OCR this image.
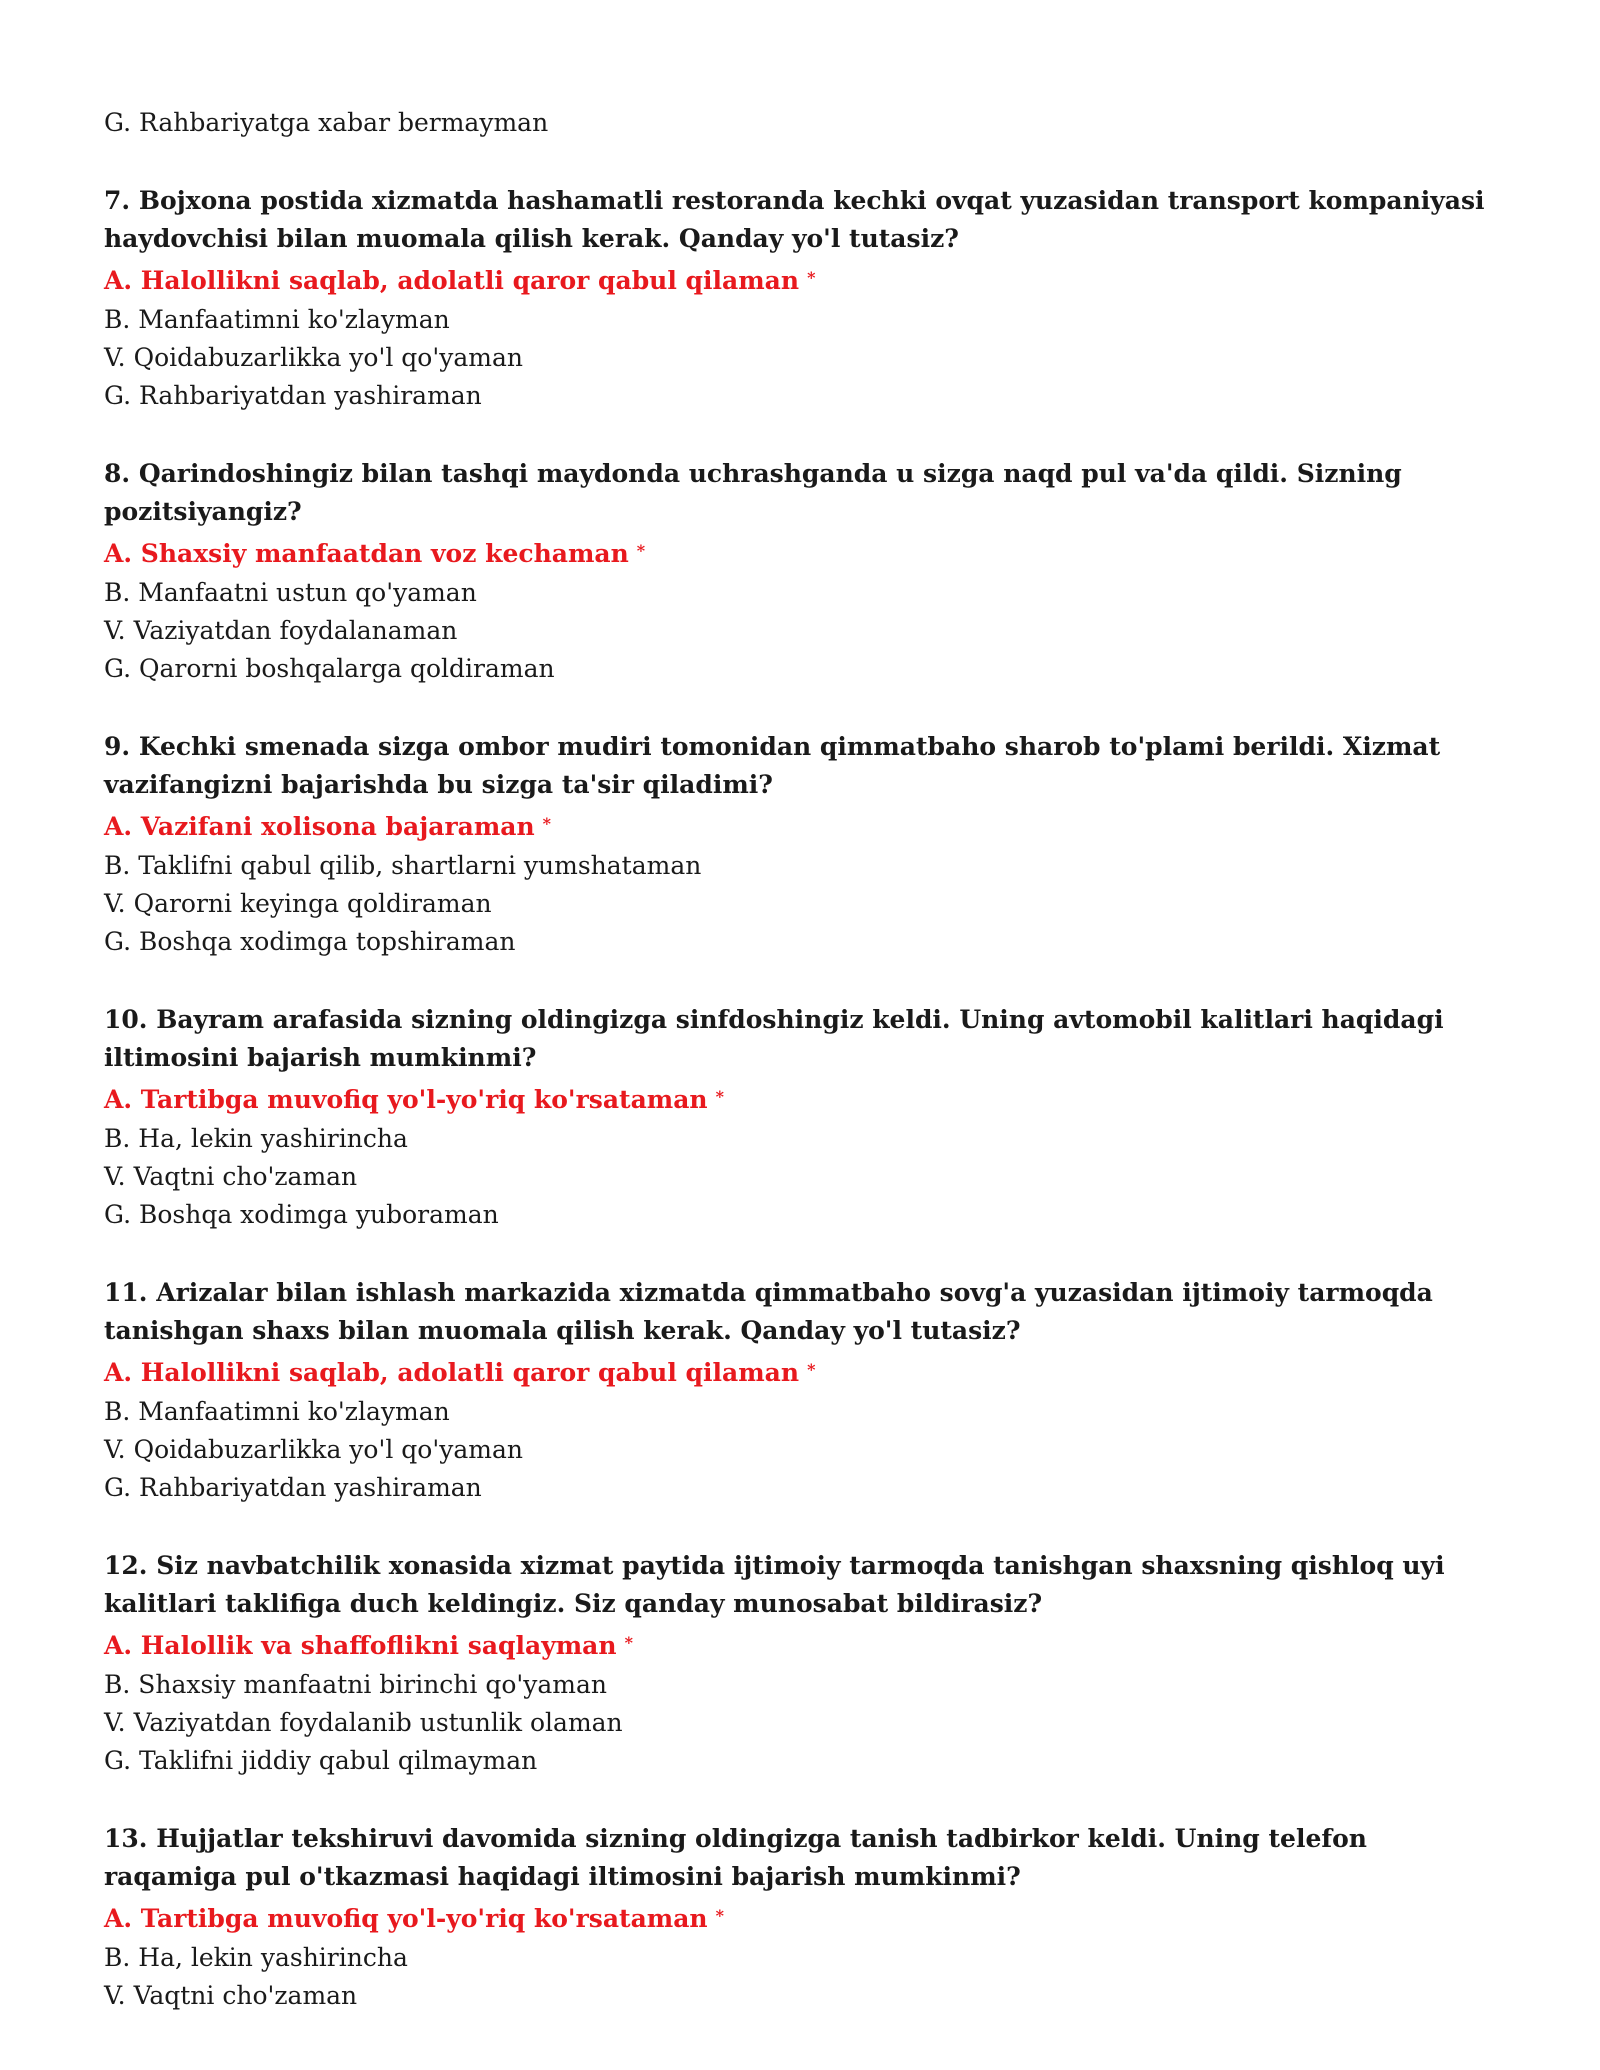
G. Rahbariyatga xabar bermayman

7. Bojxona postida xizmatda hashamatli restoranda kechki ovqat yuzasidan transport kompaniyasi haydovchisi bilan muomala qilish kerak. Qanday yo'l tutasiz?

A. Halollikni saqlab, adolatli qaror qabul qilaman *

B. Manfaatimni ko'zlayman

V. Qoidabuzarlikka yo'l qo'yaman

G. Rahbariyatdan yashiraman

8. Qarindoshingiz bilan tashqi maydonda uchrashganda u sizga naqd pul va'da qildi. Sizning pozitsiyangiz?

A. Shaxsiy manfaatdan voz kechaman *

B. Manfaatni ustun qo'yaman

V. Vaziyatdan foydalanaman

G. Qarorni boshqalarga qoldiraman

9. Kechki smenada sizga ombor mudiri tomonidan qimmatbaho sharob to'plami berildi. Xizmat vazifangizni bajarishda bu sizga ta'sir qiladimi?

A. Vazifani xolisona bajaraman *

B. Taklifni qabul qilib, shartlarni yumshataman

V. Qarorni keyinga qoldiraman

G. Boshqa xodimga topshiraman

10. Bayram arafasida sizning oldingizga sinfdoshingiz keldi. Uning avtomobil kalitlari haqidagi iltimosini bajarish mumkinmi?

A. Tartibga muvofiq yo'l-yo'riq ko'rsataman *

B. Ha, lekin yashirincha

V. Vaqtni cho'zaman

G. Boshqa xodimga yuboraman

11. Arizalar bilan ishlash markazida xizmatda qimmatbaho sovg'a yuzasidan ijtimoiy tarmoqda tanishgan shaxs bilan muomala qilish kerak. Qanday yo'l tutasiz?

A. Halollikni saqlab, adolatli qaror qabul qilaman *

B. Manfaatimni ko'zlayman

V. Qoidabuzarlikka yo'l qo'yaman

G. Rahbariyatdan yashiraman

12. Siz navbatchilik xonasida xizmat paytida ijtimoiy tarmoqda tanishgan shaxsning qishloq uyi kalitlari taklifiga duch keldingiz. Siz qanday munosabat bildirasiz?

A. Halollik va shaffoflikni saqlayman *

B. Shaxsiy manfaatni birinchi qo'yaman

V. Vaziyatdan foydalanib ustunlik olaman

G. Taklifni jiddiy qabul qilmayman

13. Hujjatlar tekshiruvi davomida sizning oldingizga tanish tadbirkor keldi. Uning telefon raqamiga pul o'tkazmasi haqidagi iltimosini bajarish mumkinmi?

A. Tartibga muvofiq yo'l-yo'riq ko'rsataman *

B. Ha, lekin yashirincha

V. Vaqtni cho'zaman
